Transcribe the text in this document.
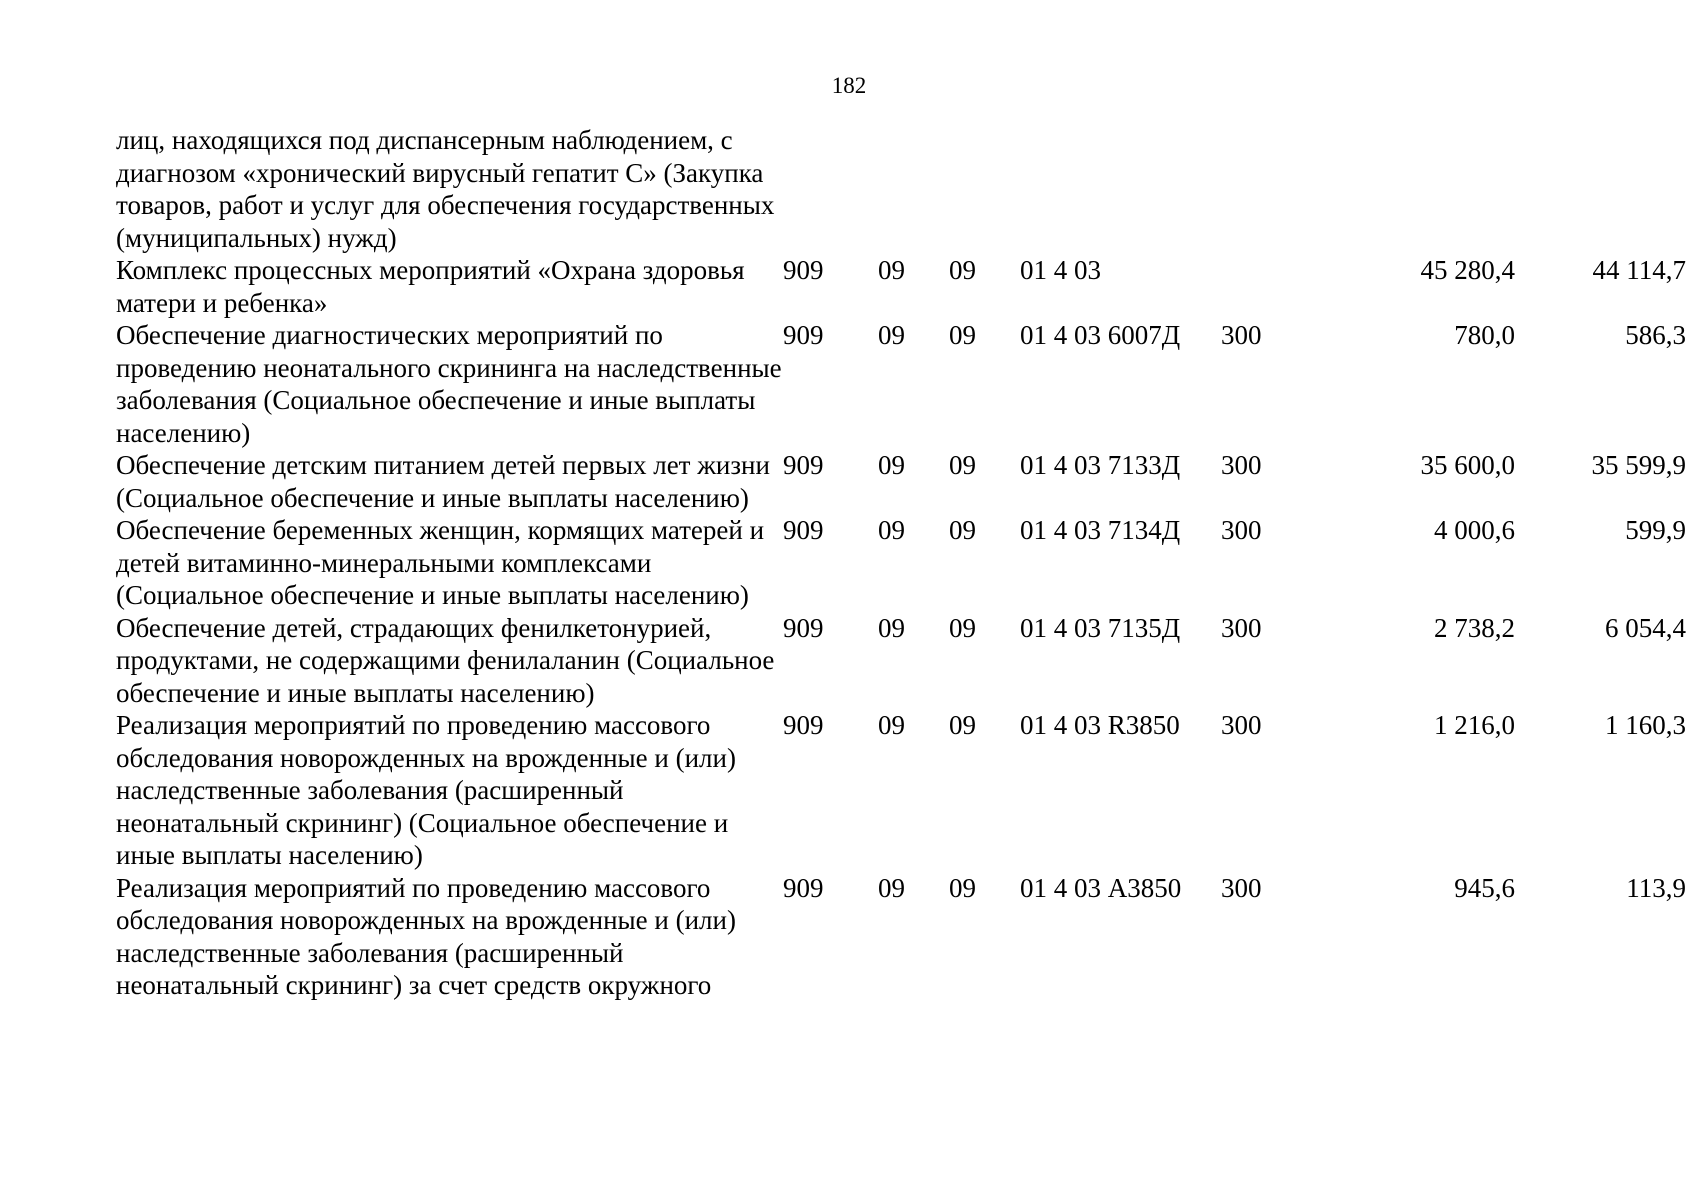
182
лиц, находящихся под диспансерным наблюдением, с диагнозом «хронический вирусный гепатит С» (Закупка товаров, работ и услуг для обеспечения государственных (муниципальных) нужд)							
Комплекс процессных мероприятий «Охрана здоровья матери и ребенка»	909	09	09	01 4 03		45 280,4	44 114,7
Обеспечение диагностических мероприятий по проведению неонатального скрининга на наследственные заболевания (Социальное обеспечение и иные выплаты населению)	909	09	09	01 4 03 6007Д	300	780,0	586,3
Обеспечение детским питанием детей первых лет жизни (Социальное обеспечение и иные выплаты населению)	909	09	09	01 4 03 7133Д	300	35 600,0	35 599,9
Обеспечение беременных женщин, кормящих матерей и детей витаминно-минеральными комплексами (Социальное обеспечение и иные выплаты населению)	909	09	09	01 4 03 7134Д	300	4 000,6	599,9
Обеспечение детей, страдающих фенилкетонурией, продуктами, не содержащими фенилаланин (Социальное обеспечение и иные выплаты населению)	909	09	09	01 4 03 7135Д	300	2 738,2	6 054,4
Реализация мероприятий по проведению массового обследования новорожденных на врожденные и (или) наследственные заболевания (расширенный неонатальный скрининг) (Социальное обеспечение и иные выплаты населению)	909	09	09	01 4 03 R3850	300	1 216,0	1 160,3
Реализация мероприятий по проведению массового обследования новорожденных на врожденные и (или) наследственные заболевания (расширенный неонатальный скрининг) за счет средств окружного	909	09	09	01 4 03 А3850	300	945,6	113,9
